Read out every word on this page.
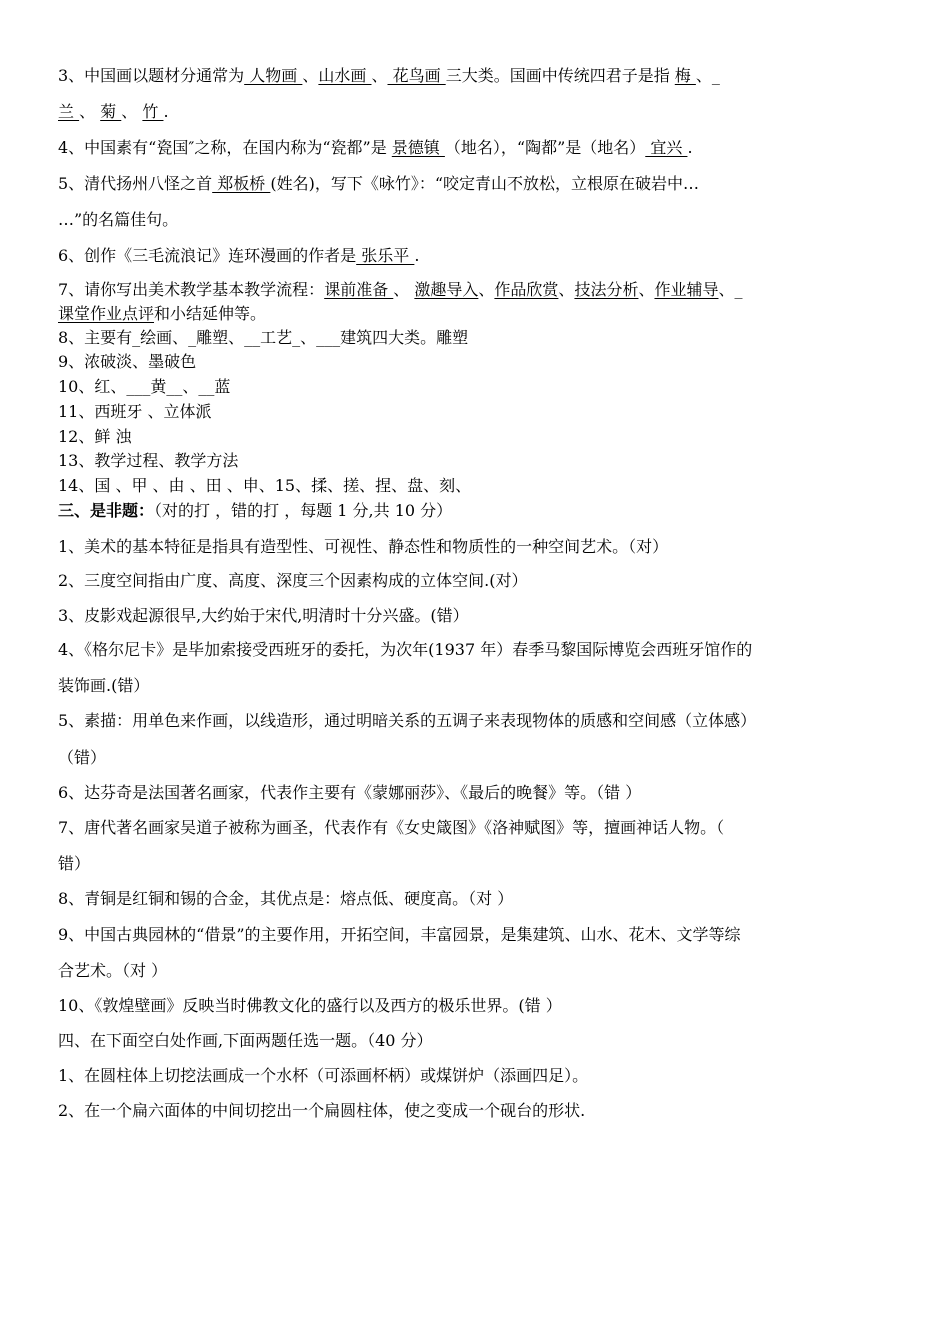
3、中国画以题材分通常为 人物画 、山水画 、 花鸟画 三大类。国画中传统四君子是指 梅 、_
兰 、 菊 、 竹 .
4、中国素有“瓷国″之称，在国内称为“瓷都”是 景德镇 （地名），“陶都”是（地名） 宜兴 .
5、清代扬州八怪之首 郑板桥 (姓名)，写下《咏竹》：“咬定青山不放松，立根原在破岩中…
…”的名篇佳句。
6、创作《三毛流浪记》连环漫画的作者是 张乐平 .
7、请你写出美术教学基本教学流程：课前准备 、 激趣导入、作品欣赏、技法分析、作业辅导、_
课堂作业点评和小结延伸等。
8、主要有_绘画、_雕塑、__工艺_、___建筑四大类。雕塑
9、浓破淡、墨破色
10、红、___黄__、__蓝
11、西班牙 、立体派
12、鲜 浊
13、教学过程、教学方法
14、国 、甲 、由 、田 、申、15、揉、搓、捏、盘、刻、
三、是非题：（对的打 ，错的打 ，每题 1 分,共 10 分）
1、美术的基本特征是指具有造型性、可视性、静态性和物质性的一种空间艺术。（对）
2、三度空间指由广度、高度、深度三个因素构成的立体空间.(对）
3、皮影戏起源很早,大约始于宋代,明清时十分兴盛。(错）
4、《格尔尼卡》是毕加索接受西班牙的委托，为次年(1937 年）春季马黎国际博览会西班牙馆作的
装饰画.(错）
5、素描：用单色来作画，以线造形，通过明暗关系的五调子来表现物体的质感和空间感（立体感）
（错）
6、达芬奇是法国著名画家，代表作主要有《蒙娜丽莎》、《最后的晚餐》等。（错 ）
7、唐代著名画家吴道子被称为画圣，代表作有《女史箴图》《洛神赋图》等，擅画神话人物。（
错）
8、青铜是红铜和锡的合金，其优点是：熔点低、硬度高。（对 ）
9、中国古典园林的“借景”的主要作用，开拓空间，丰富园景，是集建筑、山水、花木、文学等综
合艺术。（对 ）
10、《敦煌壁画》反映当时佛教文化的盛行以及西方的极乐世界。(错 ）
四、在下面空白处作画,下面两题任选一题。（40 分）
1、在圆柱体上切挖法画成一个水杯（可添画杯柄）或煤饼炉（添画四足）。
2、在一个扁六面体的中间切挖出一个扁圆柱体，使之变成一个砚台的形状.
